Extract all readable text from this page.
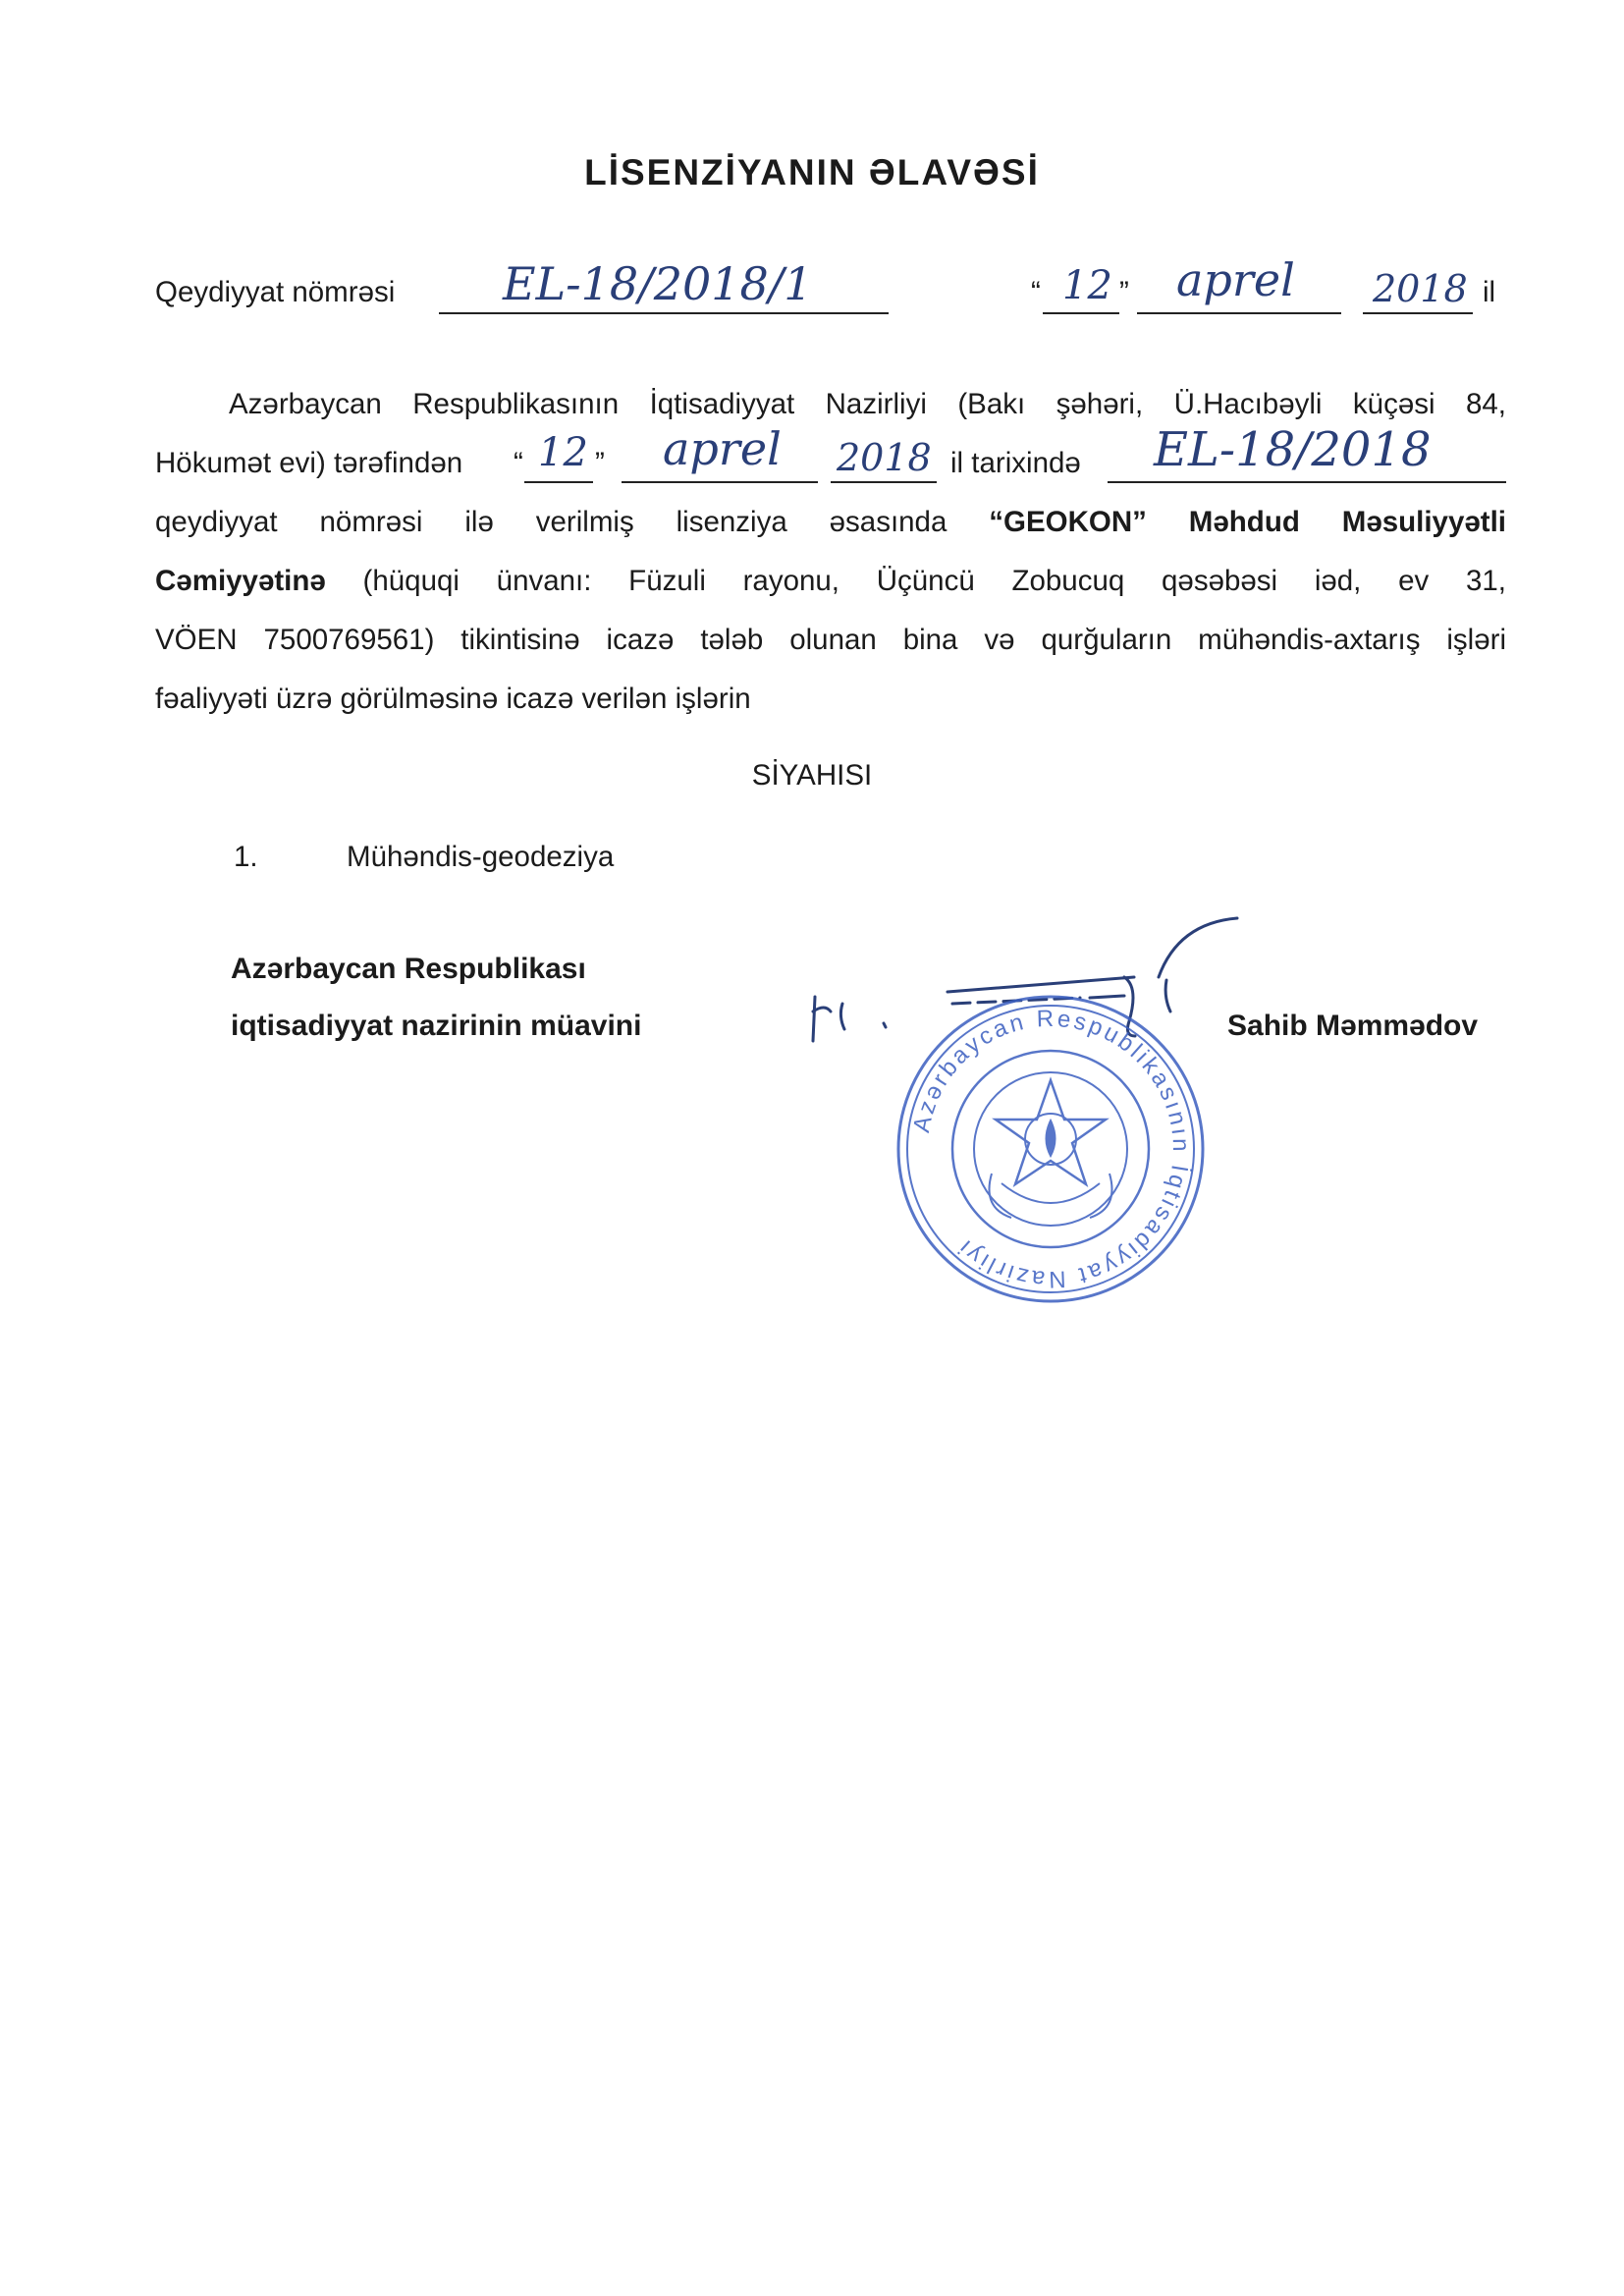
LİSENZİYANIN ƏLAVƏSİ
Qeydiyyat nömrəsi EL-18/2018/1	“ 12 ” aprel 2018 il
Azərbaycan Respublikasının İqtisadiyyat Nazirliyi (Bakı şəhəri, Ü.Hacıbəyli küçəsi 84,
Hökumət evi) tərəfindən “ 12 ” aprel 2018 il tarixində EL-18/2018
qeydiyyat nömrəsi ilə verilmiş lisenziya əsasında “GEOKON” Məhdud Məsuliyyətli
Cəmiyyətinə (hüquqi ünvanı: Füzuli rayonu, Üçüncü Zobucuq qəsəbəsi iəd, ev 31,
VÖEN 7500769561) tikintisinə icazə tələb olunan bina və qurğuların mühəndis-axtarış işləri
fəaliyyəti üzrə görülməsinə icazə verilən işlərin
SİYAHISI
1.	Mühəndis-geodeziya
Azərbaycan Respublikası
iqtisadiyyat nazirinin müavini	Sahib Məmmədov
Azərbaycan Respublikasının İqtisadiyyat Nazirliyi
